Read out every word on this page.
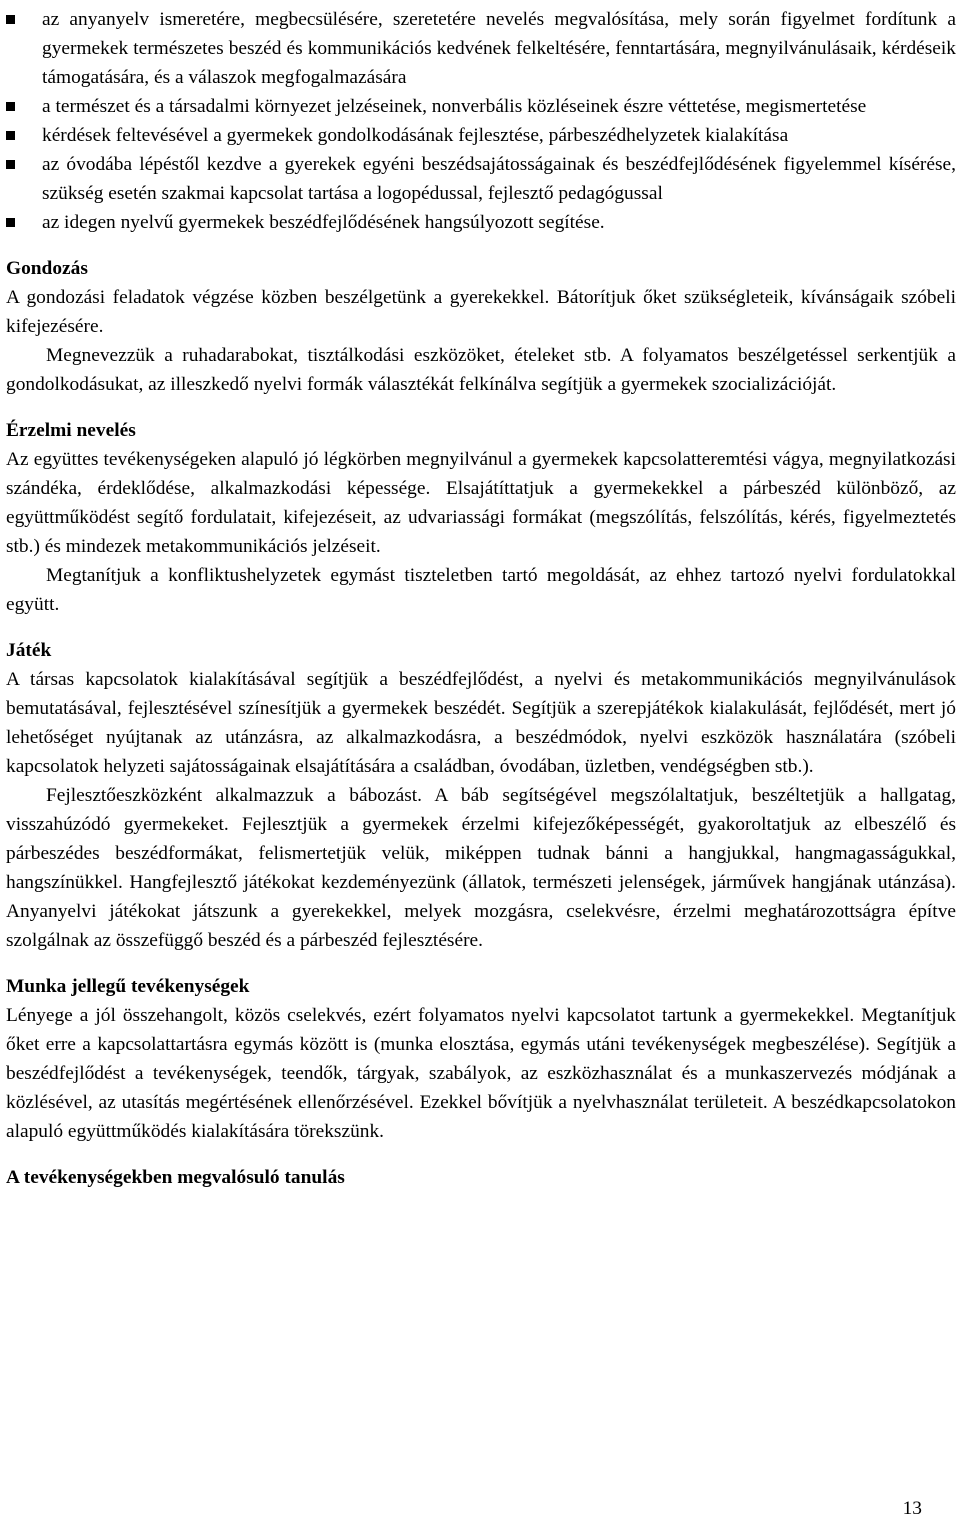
az anyanyelv ismeretére, megbecsülésére, szeretetére nevelés megvalósítása, mely során figyelmet fordítunk a gyermekek természetes beszéd és kommunikációs kedvének felkeltésére, fenntartására, megnyilvánulásaik, kérdéseik támogatására, és a válaszok megfogalmazására
a természet és a társadalmi környezet jelzéseinek, nonverbális közléseinek észre véttetése, megismertetése
kérdések feltevésével a gyermekek gondolkodásának fejlesztése, párbeszédhelyzetek kialakítása
az óvodába lépéstől kezdve a gyerekek egyéni beszédsajátosságainak és beszédfejlődésének figyelemmel kísérése, szükség esetén szakmai kapcsolat tartása a logopédussal, fejlesztő pedagógussal
az idegen nyelvű gyermekek beszédfejlődésének hangsúlyozott segítése.
Gondozás

A gondozási feladatok végzése közben beszélgetünk a gyerekekkel. Bátorítjuk őket szükségleteik, kívánságaik szóbeli kifejezésére.

Megnevezzük a ruhadarabokat, tisztálkodási eszközöket, ételeket stb. A folyamatos beszélgetéssel serkentjük a gondolkodásukat, az illeszkedő nyelvi formák választékát felkínálva segítjük a gyermekek szocializációját.

Érzelmi nevelés

Az együttes tevékenységeken alapuló jó légkörben megnyilvánul a gyermekek kapcsolatteremtési vágya, megnyilatkozási szándéka, érdeklődése, alkalmazkodási képessége. Elsajátíttatjuk a gyermekekkel a párbeszéd különböző, az együttműködést segítő fordulatait, kifejezéseit, az udvariassági formákat (megszólítás, felszólítás, kérés, figyelmeztetés stb.) és mindezek metakommunikációs jelzéseit.

Megtanítjuk a konfliktushelyzetek egymást tiszteletben tartó megoldását, az ehhez tartozó nyelvi fordulatokkal együtt.

Játék

A társas kapcsolatok kialakításával segítjük a beszédfejlődést, a nyelvi és metakommunikációs megnyilvánulások bemutatásával, fejlesztésével színesítjük a gyermekek beszédét. Segítjük a szerepjátékok kialakulását, fejlődését, mert jó lehetőséget nyújtanak az utánzásra, az alkalmazkodásra, a beszédmódok, nyelvi eszközök használatára (szóbeli kapcsolatok helyzeti sajátosságainak elsajátítására a családban, óvodában, üzletben, vendégségben stb.).

Fejlesztőeszközként alkalmazzuk a bábozást. A báb segítségével megszólaltatjuk, beszéltetjük a hallgatag, visszahúzódó gyermekeket. Fejlesztjük a gyermekek érzelmi kifejezőképességét, gyakoroltatjuk az elbeszélő és párbeszédes beszédformákat, felismertetjük velük, miképpen tudnak bánni a hangjukkal, hangmagasságukkal, hangszínükkel. Hangfejlesztő játékokat kezdeményezünk (állatok, természeti jelenségek, járművek hangjának utánzása). Anyanyelvi játékokat játszunk a gyerekekkel, melyek mozgásra, cselekvésre, érzelmi meghatározottságra építve szolgálnak az összefüggő beszéd és a párbeszéd fejlesztésére.

Munka jellegű tevékenységek

Lényege a jól összehangolt, közös cselekvés, ezért folyamatos nyelvi kapcsolatot tartunk a gyermekekkel. Megtanítjuk őket erre a kapcsolattartásra egymás között is (munka elosztása, egymás utáni tevékenységek megbeszélése). Segítjük a beszédfejlődést a tevékenységek, teendők, tárgyak, szabályok, az eszközhasználat és a munkaszervezés módjának a közlésével, az utasítás megértésének ellenőrzésével. Ezekkel bővítjük a nyelvhasználat területeit. A beszédkapcsolatokon alapuló együttműködés kialakítására törekszünk.

A tevékenységekben megvalósuló tanulás
13
